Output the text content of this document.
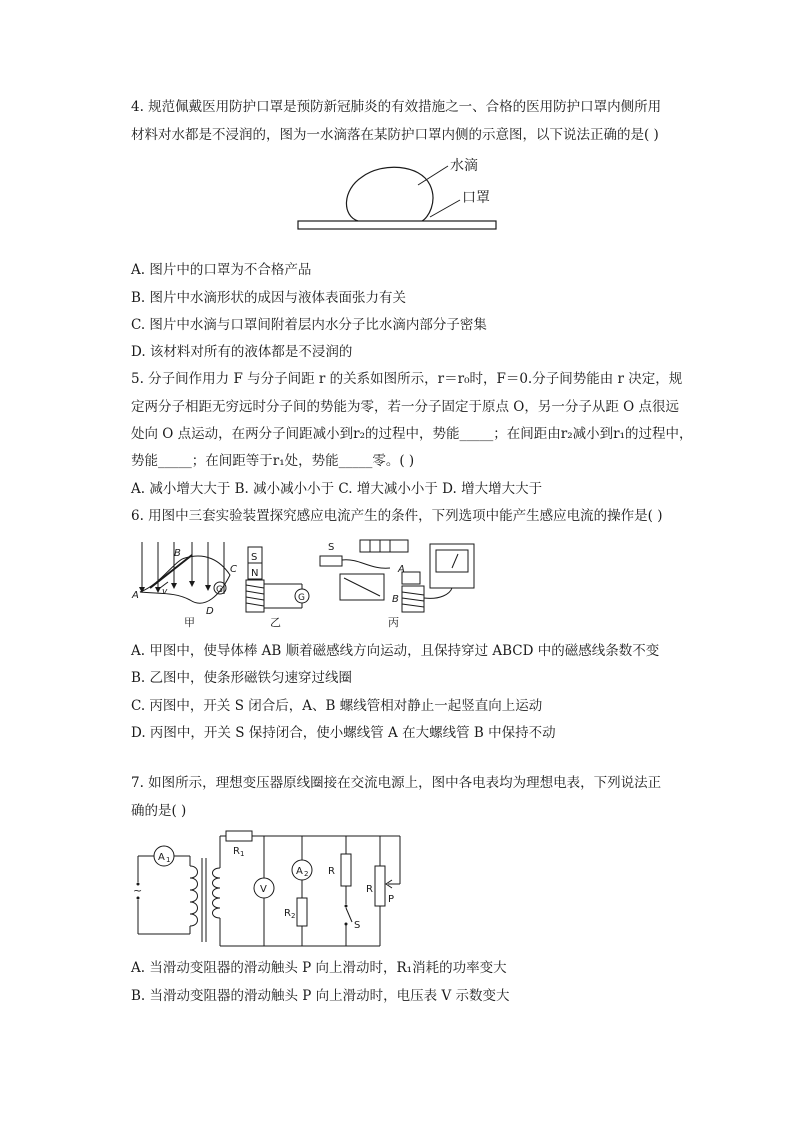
4. 规范佩戴医用防护口罩是预防新冠肺炎的有效措施之一、合格的医用防护口罩内侧所用
材料对水都是不浸润的，图为一水滴落在某防护口罩内侧的示意图，以下说法正确的是( )
水滴
口罩
A. 图片中的口罩为不合格产品
B. 图片中水滴形状的成因与液体表面张力有关
C. 图片中水滴与口罩间附着层内水分子比水滴内部分子密集
D. 该材料对所有的液体都是不浸润的
5. 分子间作用力 F 与分子间距 r 的关系如图所示，r＝r₀时，F＝0.分子间势能由 r 决定，规
定两分子相距无穷远时分子间的势能为零，若一分子固定于原点 O，另一分子从距 O 点很远
处向 O 点运动，在两分子间距减小到r₂的过程中，势能_____；在间距由r₂减小到r₁的过程中，
势能_____；在间距等于r₁处，势能_____零。( )
A. 减小增大大于 B. 减小减小小于 C. 增大减小小于 D. 增大增大大于
6. 用图中三套实验装置探究感应电流产生的条件，下列选项中能产生感应电流的操作是( )
G
A
B
C
D
v
甲
S
N
G
乙
S
A
B
丙
A. 甲图中，使导体棒 AB 顺着磁感线方向运动，且保持穿过 ABCD 中的磁感线条数不变
B. 乙图中，使条形磁铁匀速穿过线圈
C. 丙图中，开关 S 闭合后，A、B 螺线管相对静止一起竖直向上运动
D. 丙图中，开关 S 保持闭合，使小螺线管 A 在大螺线管 B 中保持不动
7. 如图所示，理想变压器原线圈接在交流电源上，图中各电表均为理想电表，下列说法正
确的是( )
A 1
~
R 1
V
A 2
R 2
R
S
R
P
A. 当滑动变阻器的滑动触头 P 向上滑动时，R₁消耗的功率变大
B. 当滑动变阻器的滑动触头 P 向上滑动时，电压表 V 示数变大
